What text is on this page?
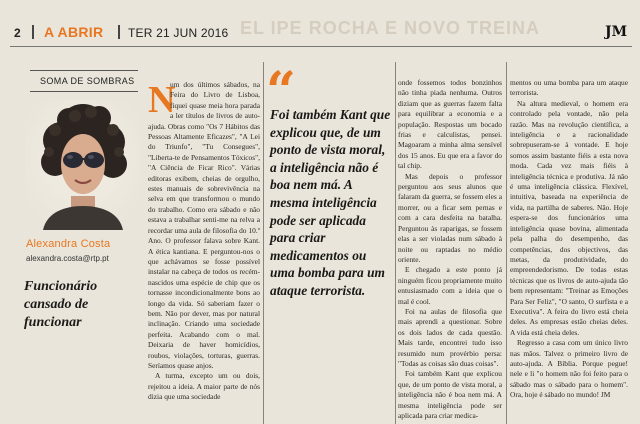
EL IPE ROCHA E NOVO TREINA
2 A ABRIR TER 21 JUN 2016	JM
SOMA DE SOMBRAS
Alexandra Costa
alexandra.costa@rtp.pt
Funcionário cansado de funcionar
N

um dos últimos sábados, na Feira do Livro de Lisboa, fiquei quase meia hora parada a ler títulos de livros de auto-ajuda. Obras como "Os 7 Hábitos das Pessoas Altamente Eficazes", "A Lei do Triunfo", "Tu Consegues", "Liberta-te de Pensamentos Tóxicos", "A Ciência de Ficar Rico". Várias editoras exibem, cheias de orgulho, estes manuais de sobrevivência na selva em que transformou o mundo do trabalho. Como era sábado e não estava a trabalhar senti-me na relva a recordar uma aula de filosofia do 10.º Ano. O professor falava sobre Kant. A ética kantiana. E perguntou-nos o que achávamos se fosse possível instalar na cabeça de todos os recém-nascidos uma espécie de chip que os tornasse incondicionalmente bons ao longo da vida. Só saberiam fazer o bem. Não por dever, mas por natural inclinação. Criando uma sociedade perfeita. Acabando com o mal. Deixaria de haver homicídios, roubos, violações, torturas, guerras. Seríamos quase anjos.

A turma, excepto um ou dois, rejeitou a ideia. A maior parte de nós dizia que uma sociedade

“
Foi também Kant que explicou que, de um ponto de vista moral, a inteligência não é boa nem má. A mesma inteligência pode ser aplicada para criar medicamentos ou uma bomba para um ataque terrorista.

onde fossemos todos bonzinhos não tinha piada nenhuma. Outros diziam que as guerras fazem falta para equilibrar a economia e a população. Respostas um bocado frias e calculistas, pensei. Magoaram a minha alma sensível dos 15 anos. Eu que era a favor do tal chip.

Mas depois o professor perguntou aos seus alunos que falaram da guerra, se fossem eles a morrer, ou a ficar sem pernas e com a cara desfeita na batalha. Perguntou às raparigas, se fossem elas a ser violadas num sábado à noite ou raptadas no médio oriente.

E chegado a este ponto já ninguém ficou propriamente muito entusiasmado com a ideia que o mal é cool.

Foi na aulas de filosofia que mais aprendi a questionar. Sobre os dois lados de cada questão. Mais tarde, encontrei tudo isso resumido num provérbio persa: "Todas as coisas são duas coisas".

Foi também Kant que explicou que, de um ponto de vista moral, a inteligência não é boa nem má. A mesma inteligência pode ser aplicada para criar medica-

mentos ou uma bomba para um ataque terrorista.

Na altura medieval, o homem era controlado pela vontade, não pela razão. Mas na revolução científica, a inteligência e a racionalidade sobrepuseram-se à vontade. E hoje somos assim bastante fiéis a esta nova moda. Cada vez mais fiéis à inteligência técnica e produtiva. Já não é uma inteligência clássica. Flexível, intuitiva, baseada na experiência de vida, na partilha de saberes. Não. Hoje espera-se dos funcionários uma inteligência quase bovina, alimentada pela palha do desempenho, das competências, dos objectivos, das metas, da produtividade, do empreendedorismo. De todas estas técnicas que os livros de auto-ajuda tão bem representam: "Treinar as Emoções Para Ser Feliz", "O santo, O surfista e a Executiva". A feira do livro está cheia deles. As empresas estão cheias deles. A vida está cheia deles.

Regresso a casa com um único livro nas mãos. Talvez o primeiro livro de auto-ajuda. A Bíblia. Porque pegue! nele e li "o homem não foi feito para o sábado mas o sábado para o homem". Ora, hoje é sábado no mundo! JM
